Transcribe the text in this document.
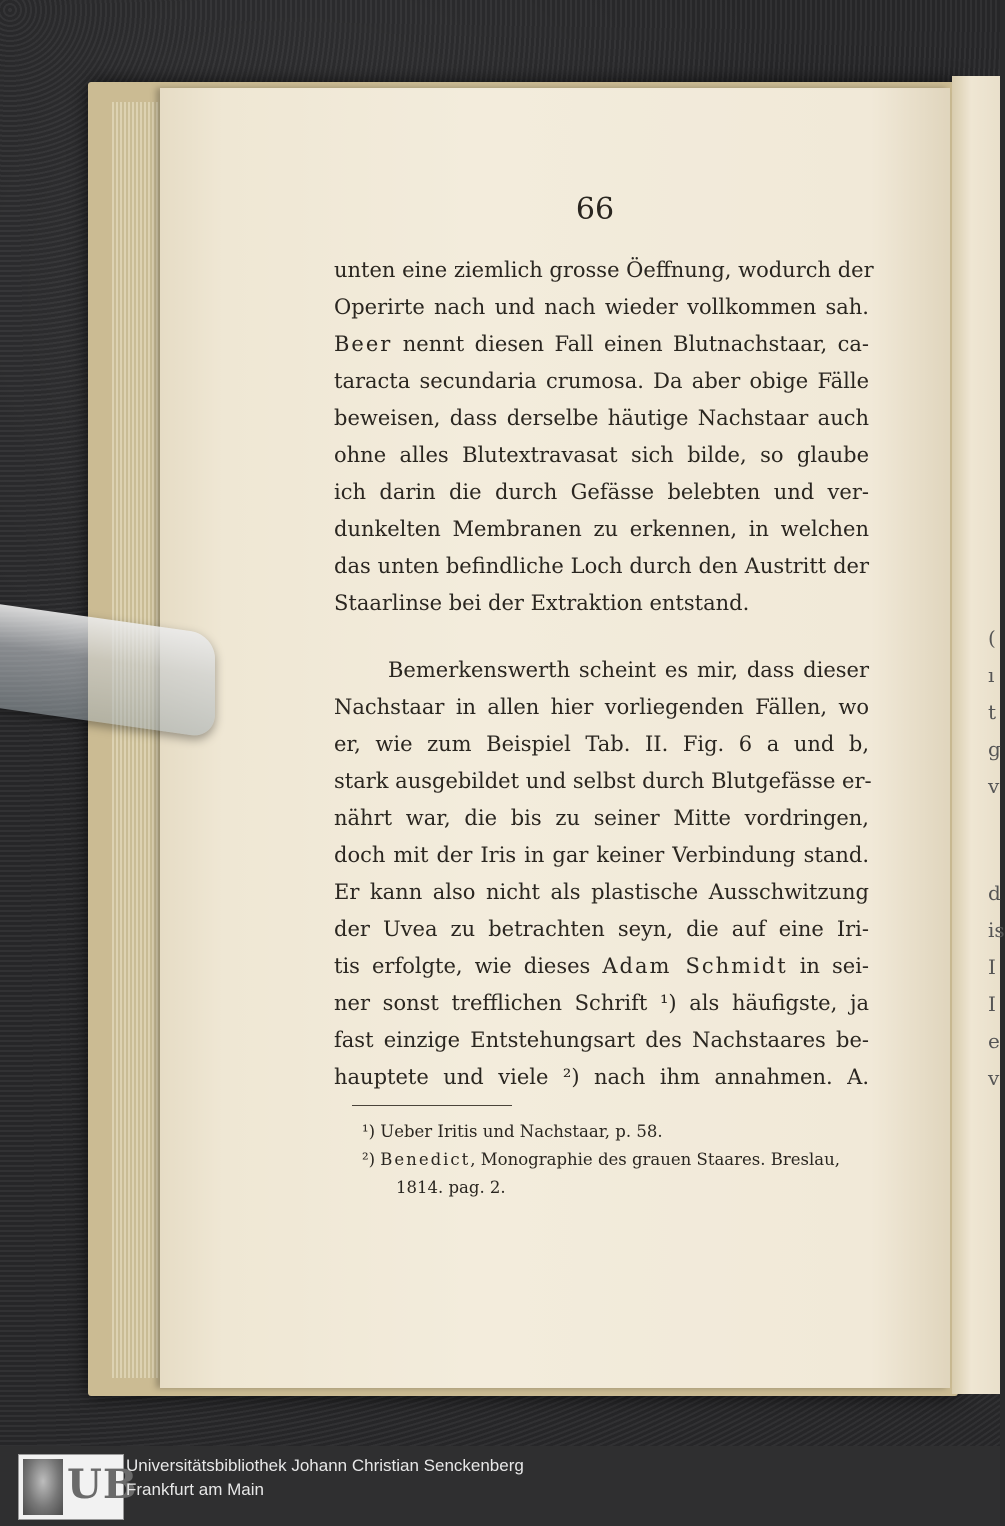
(
ı
t
g
v
d
is
I
I
e
v
66
unten eine ziemlich grosse Öeffnung, wodurch der
Operirte nach und nach wieder vollkommen sah.
Beer nennt diesen Fall einen Blutnachstaar, ca-
taracta secundaria crumosa. Da aber obige Fälle
beweisen, dass derselbe häutige Nachstaar auch
ohne alles Blutextravasat sich bilde, so glaube
ich darin die durch Gefässe belebten und ver-
dunkelten Membranen zu erkennen, in welchen
das unten befindliche Loch durch den Austritt der
Staarlinse bei der Extraktion entstand.
Bemerkenswerth scheint es mir, dass dieser
Nachstaar in allen hier vorliegenden Fällen, wo
er, wie zum Beispiel Tab. II. Fig. 6 a und b,
stark ausgebildet und selbst durch Blutgefässe er-
nährt war, die bis zu seiner Mitte vordringen,
doch mit der Iris in gar keiner Verbindung stand.
Er kann also nicht als plastische Ausschwitzung
der Uvea zu betrachten seyn, die auf eine Iri-
tis erfolgte, wie dieses Adam Schmidt in sei-
ner sonst trefflichen Schrift ¹) als häufigste, ja
fast einzige Entstehungsart des Nachstaares be-
hauptete und viele ²) nach ihm annahmen. A.
¹) Ueber Iritis und Nachstaar, p. 58.
²) Benedict, Monographie des grauen Staares. Breslau,
1814. pag. 2.
UB
Universitätsbibliothek Johann Christian Senckenberg
Frankfurt am Main
